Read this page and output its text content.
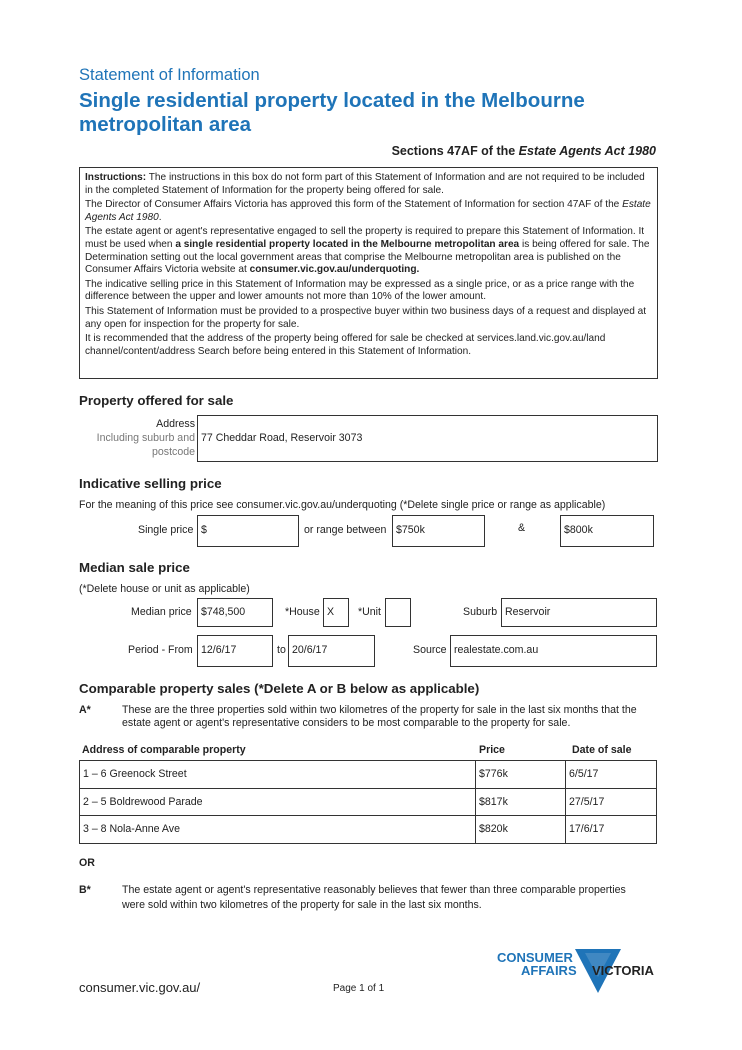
Statement of Information
Single residential property located in the Melbourne metropolitan area
Sections 47AF of the Estate Agents Act 1980

Instructions: The instructions in this box do not form part of this Statement of Information and are not required to be included in the completed Statement of Information for the property being offered for sale.

The Director of Consumer Affairs Victoria has approved this form of the Statement of Information for section 47AF of the Estate Agents Act 1980.

The estate agent or agent's representative engaged to sell the property is required to prepare this Statement of Information. It must be used when a single residential property located in the Melbourne metropolitan area is being offered for sale. The Determination setting out the local government areas that comprise the Melbourne metropolitan area is published on the Consumer Affairs Victoria website at consumer.vic.gov.au/underquoting.

The indicative selling price in this Statement of Information may be expressed as a single price, or as a price range with the difference between the upper and lower amounts not more than 10% of the lower amount.

This Statement of Information must be provided to a prospective buyer within two business days of a request and displayed at any open for inspection for the property for sale.

It is recommended that the address of the property being offered for sale be checked at services.land.vic.gov.au/land channel/content/address Search before being entered in this Statement of Information.

Property offered for sale
Address
Including suburb and
postcode
77 Cheddar Road, Reservoir 3073
Indicative selling price
For the meaning of this price see consumer.vic.gov.au/underquoting (*Delete single price or range as applicable)
Single price $	or range between $750k	&	$800k
Median sale price
(*Delete house or unit as applicable)
Median price $748,500	*House X	*Unit	Suburb Reservoir
Period - From 12/6/17	to 20/6/17	Source realestate.com.au
Comparable property sales (*Delete A or B below as applicable)
A*	These are the three properties sold within two kilometres of the property for sale in the last six months that the
estate agent or agent's representative considers to be most comparable to the property for sale.
Address of comparable property	Price	Date of sale
1 – 6 Greenock Street	$776k	6/5/17
2 – 5 Boldrewood Parade	$817k	27/5/17
3 – 8 Nola-Anne Ave	$820k	17/6/17
OR
B*	The estate agent or agent's representative reasonably believes that fewer than three comparable properties
were sold within two kilometres of the property for sale in the last six months.
consumer.vic.gov.au/	Page 1 of 1
CONSUMER
AFFAIRS VICTORIA
